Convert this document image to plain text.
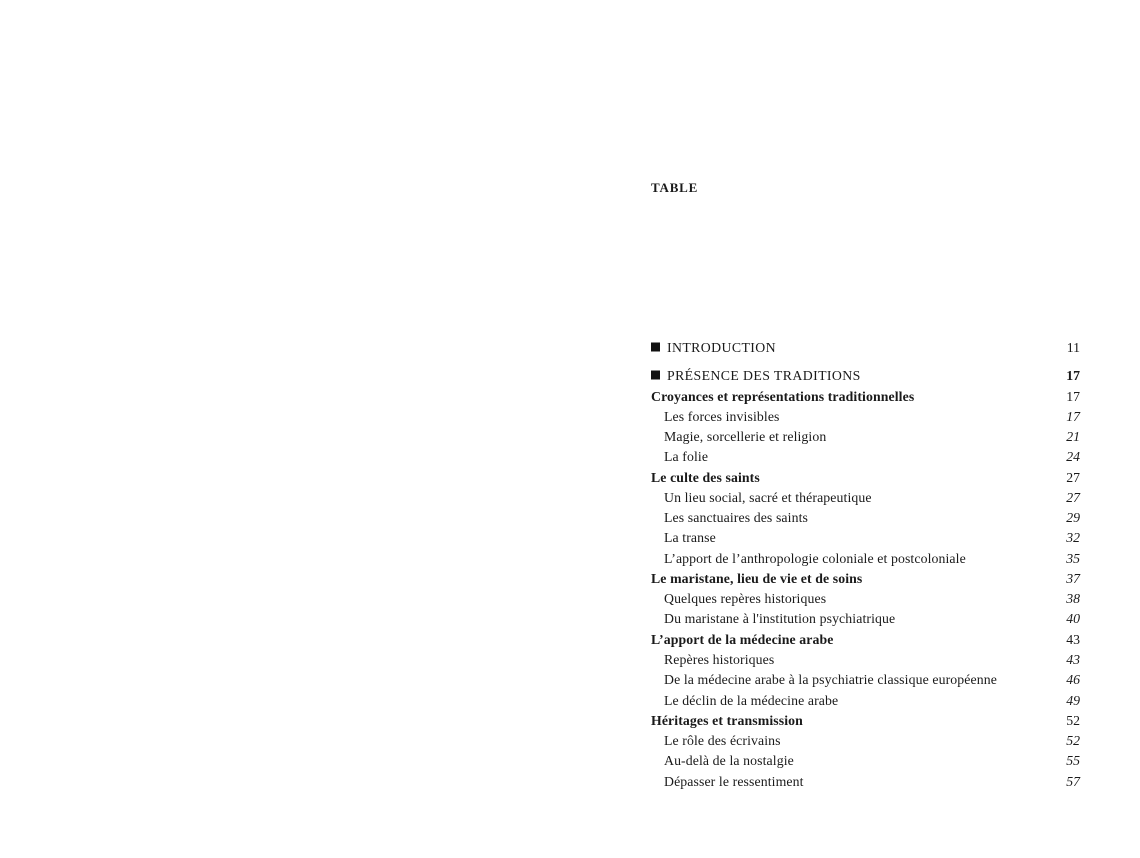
TABLE
INTRODUCTION	11
PRÉSENCE DES TRADITIONS	17
Croyances et représentations traditionnelles	17
Les forces invisibles	17
Magie, sorcellerie et religion	21
La folie	24
Le culte des saints	27
Un lieu social, sacré et thérapeutique	27
Les sanctuaires des saints	29
La transe	32
L’apport de l’anthropologie coloniale et postcoloniale	35
Le maristane, lieu de vie et de soins	37
Quelques repères historiques	38
Du maristane à l'institution psychiatrique	40
L’apport de la médecine arabe	43
Repères historiques	43
De la médecine arabe à la psychiatrie classique européenne	46
Le déclin de la médecine arabe	49
Héritages et transmission	52
Le rôle des écrivains	52
Au-delà de la nostalgie	55
Dépasser le ressentiment	57
